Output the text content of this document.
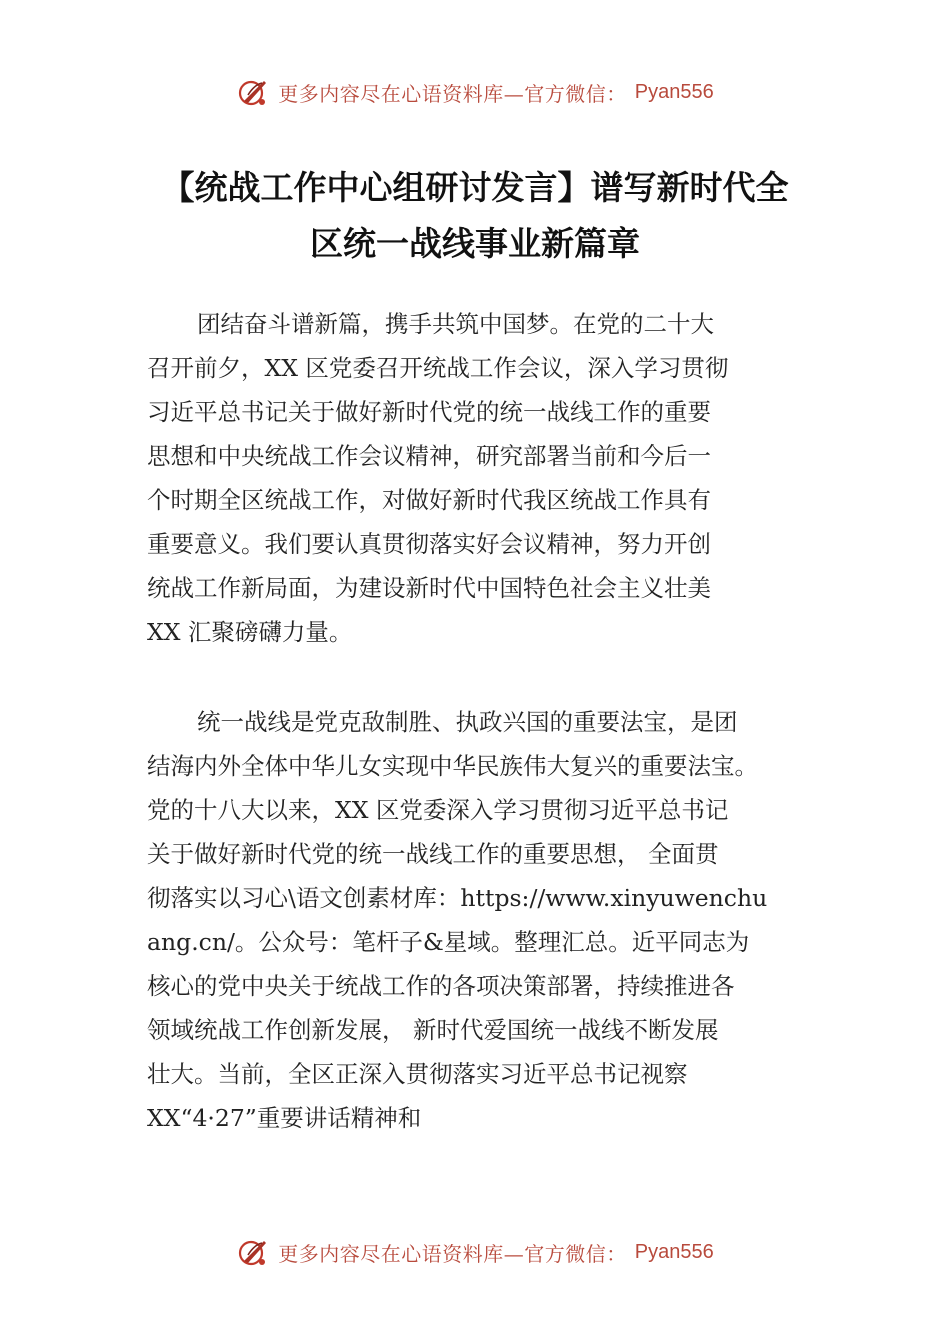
更多内容尽在心语资料库—官方微信： Pyan556
【统战工作中心组研讨发言】谱写新时代全
区统一战线事业新篇章
团结奋斗谱新篇，携手共筑中国梦。在党的二十大
召开前夕，XX 区党委召开统战工作会议，深入学习贯彻
习近平总书记关于做好新时代党的统一战线工作的重要
思想和中央统战工作会议精神，研究部署当前和今后一
个时期全区统战工作，对做好新时代我区统战工作具有
重要意义。我们要认真贯彻落实好会议精神，努力开创
统战工作新局面，为建设新时代中国特色社会主义壮美
XX 汇聚磅礴力量。
统一战线是党克敌制胜、执政兴国的重要法宝，是团
结海内外全体中华儿女实现中华民族伟大复兴的重要法宝。
党的十八大以来，XX 区党委深入学习贯彻习近平总书记
关于做好新时代党的统一战线工作的重要思想， 全面贯
彻落实以习心\语文创素材库：https://www.xinyuwenchu
ang.cn/。公众号：笔杆子&星域。整理汇总。近平同志为
核心的党中央关于统战工作的各项决策部署，持续推进各
领域统战工作创新发展， 新时代爱国统一战线不断发展
壮大。当前，全区正深入贯彻落实习近平总书记视察
XX“4·27”重要讲话精神和
更多内容尽在心语资料库—官方微信： Pyan556
